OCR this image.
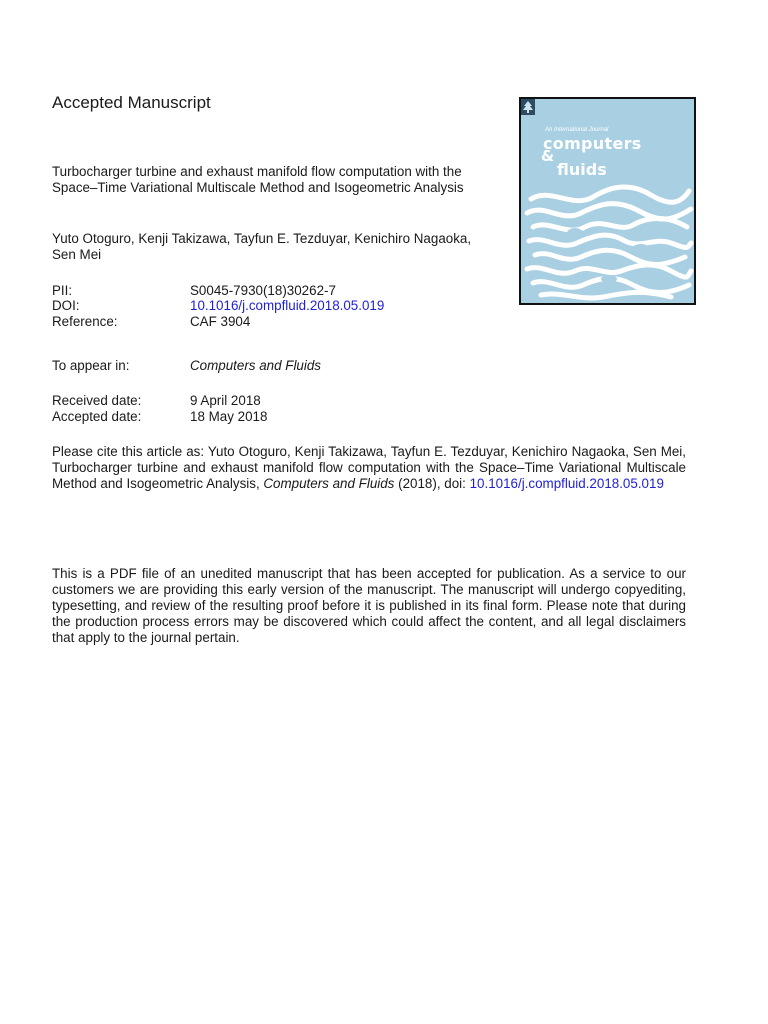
Accepted Manuscript
Turbocharger turbine and exhaust manifold flow computation with the Space–Time Variational Multiscale Method and Isogeometric Analysis
Yuto Otoguro, Kenji Takizawa, Tayfun E. Tezduyar, Kenichiro Nagaoka, Sen Mei
PII:	S0045-7930(18)30262-7
DOI:	10.1016/j.compfluid.2018.05.019
Reference:	CAF 3904
To appear in:	Computers and Fluids
Received date:	9 April 2018
Accepted date:	18 May 2018
Please cite this article as: Yuto Otoguro, Kenji Takizawa, Tayfun E. Tezduyar, Kenichiro Nagaoka, Sen Mei, Turbocharger turbine and exhaust manifold flow computation with the Space–Time Variational Multiscale Method and Isogeometric Analysis, Computers and Fluids (2018), doi: 10.1016/j.compfluid.2018.05.019
This is a PDF file of an unedited manuscript that has been accepted for publication. As a service to our customers we are providing this early version of the manuscript. The manuscript will undergo copyediting, typesetting, and review of the resulting proof before it is published in its final form. Please note that during the production process errors may be discovered which could affect the content, and all legal disclaimers that apply to the journal pertain.
An International Journal
computers
&
fluids
